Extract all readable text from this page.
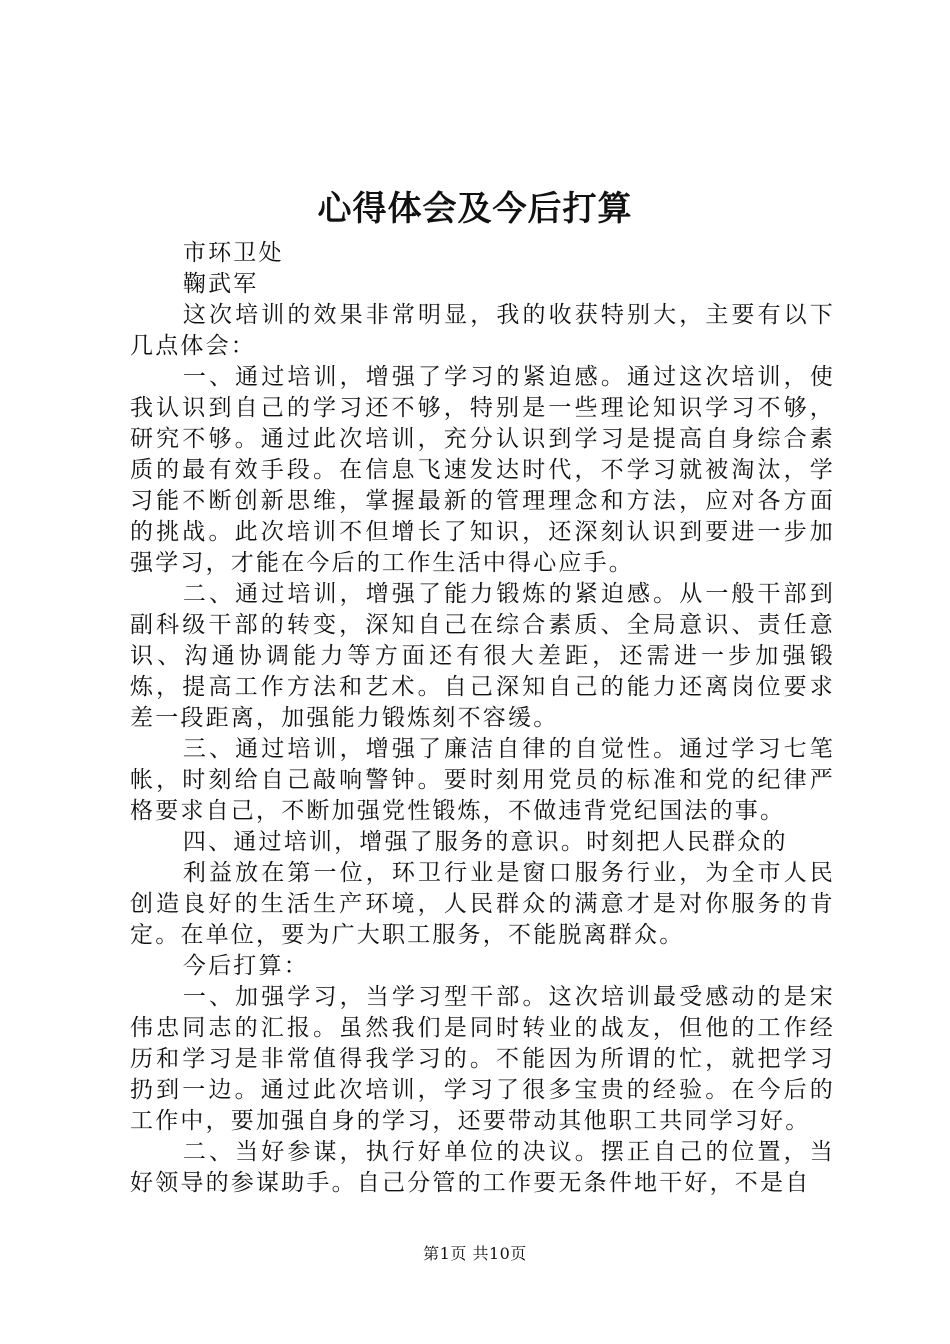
心得体会及今后打算

市环卫处

鞠武军

这次培训的效果非常明显，我的收获特别大，主要有以下几点体会：

一、通过培训，增强了学习的紧迫感。通过这次培训，使我认识到自己的学习还不够，特别是一些理论知识学习不够，研究不够。通过此次培训，充分认识到学习是提高自身综合素质的最有效手段。在信息飞速发达时代，不学习就被淘汰，学习能不断创新思维，掌握最新的管理理念和方法，应对各方面的挑战。此次培训不但增长了知识，还深刻认识到要进一步加强学习，才能在今后的工作生活中得心应手。

二、通过培训，增强了能力锻炼的紧迫感。从一般干部到副科级干部的转变，深知自己在综合素质、全局意识、责任意识、沟通协调能力等方面还有很大差距，还需进一步加强锻炼，提高工作方法和艺术。自己深知自己的能力还离岗位要求差一段距离，加强能力锻炼刻不容缓。

三、通过培训，增强了廉洁自律的自觉性。通过学习七笔帐，时刻给自己敲响警钟。要时刻用党员的标准和党的纪律严格要求自己，不断加强党性锻炼，不做违背党纪国法的事。

四、通过培训，增强了服务的意识。时刻把人民群众的

利益放在第一位，环卫行业是窗口服务行业，为全市人民创造良好的生活生产环境，人民群众的满意才是对你服务的肯定。在单位，要为广大职工服务，不能脱离群众。

今后打算：

一、加强学习，当学习型干部。这次培训最受感动的是宋伟忠同志的汇报。虽然我们是同时转业的战友，但他的工作经历和学习是非常值得我学习的。不能因为所谓的忙，就把学习扔到一边。通过此次培训，学习了很多宝贵的经验。在今后的工作中，要加强自身的学习，还要带动其他职工共同学习好。

二、当好参谋，执行好单位的决议。摆正自己的位置，当好领导的参谋助手。自己分管的工作要无条件地干好，不是自

第1页 共10页
